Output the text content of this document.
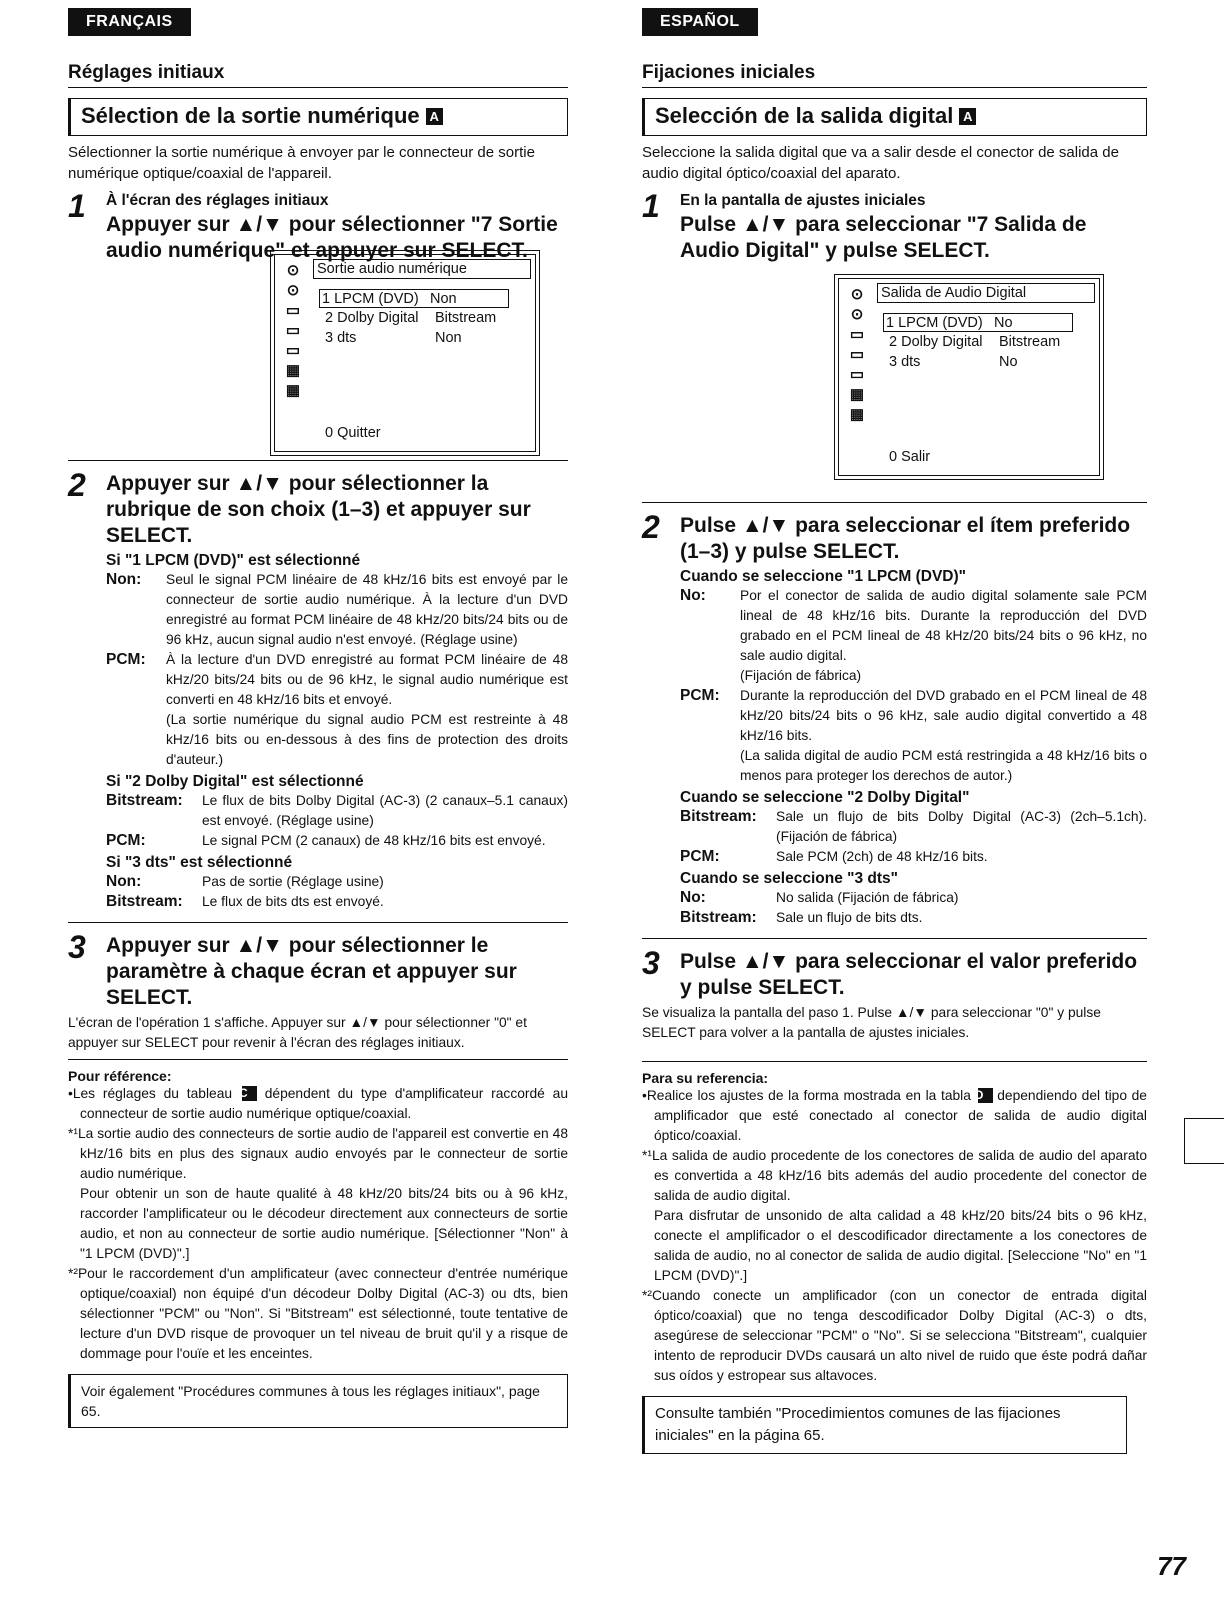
FRANÇAIS
Réglages initiaux
Sélection de la sortie numérique A

Sélectionner la sortie numérique à envoyer par le connecteur de sortie numérique optique/coaxial de l'appareil.

1 À l'écran des réglages initiaux
Appuyer sur ▲/▼ pour sélectionner "7 Sortie audio numérique" et appuyer sur SELECT.
⊙
⊙
▭
▭
▭
▦
▦
Sortie audio numérique
1 LPCM (DVD) Non
2 Dolby Digital Bitstream
3 dts	Non
0 Quitter
2 Appuyer sur ▲/▼ pour sélectionner la rubrique de son choix (1–3) et appuyer sur SELECT.
Si "1 LPCM (DVD)" est sélectionné
Non:	Seul le signal PCM linéaire de 48 kHz/16 bits est envoyé par le connecteur de sortie audio numérique. À la lecture d'un DVD enregistré au format PCM linéaire de 48 kHz/20 bits/24 bits ou de 96 kHz, aucun signal audio n'est envoyé. (Réglage usine)
PCM:	À la lecture d'un DVD enregistré au format PCM linéaire de 48 kHz/20 bits/24 bits ou de 96 kHz, le signal audio numérique est converti en 48 kHz/16 bits et envoyé.
(La sortie numérique du signal audio PCM est restreinte à 48 kHz/16 bits ou en-dessous à des fins de protection des droits d'auteur.)
Si "2 Dolby Digital" est sélectionné
Bitstream:	Le flux de bits Dolby Digital (AC-3) (2 canaux–5.1 canaux) est envoyé. (Réglage usine)
PCM:	Le signal PCM (2 canaux) de 48 kHz/16 bits est envoyé.
Si "3 dts" est sélectionné
Non:	Pas de sortie (Réglage usine)
Bitstream:	Le flux de bits dts est envoyé.
3 Appuyer sur ▲/▼ pour sélectionner le paramètre à chaque écran et appuyer sur SELECT.

L'écran de l'opération 1 s'affiche. Appuyer sur ▲/▼ pour sélectionner "0" et appuyer sur SELECT pour revenir à l'écran des réglages initiaux.

Pour référence:

•Les réglages du tableau C dépendent du type d'amplificateur raccordé au connecteur de sortie audio numérique optique/coaxial.

*¹La sortie audio des connecteurs de sortie audio de l'appareil est convertie en 48 kHz/16 bits en plus des signaux audio envoyés par le connecteur de sortie audio numérique.

Pour obtenir un son de haute qualité à 48 kHz/20 bits/24 bits ou à 96 kHz, raccorder l'amplificateur ou le décodeur directement aux connecteurs de sortie audio, et non au connecteur de sortie audio numérique. [Sélectionner "Non" à "1 LPCM (DVD)".]

*²Pour le raccordement d'un amplificateur (avec connecteur d'entrée numérique optique/coaxial) non équipé d'un décodeur Dolby Digital (AC-3) ou dts, bien sélectionner "PCM" ou "Non". Si "Bitstream" est sélectionné, toute tentative de lecture d'un DVD risque de provoquer un tel niveau de bruit qu'il y a risque de dommage pour l'ouïe et les enceintes.

Voir également "Procédures communes à tous les réglages initiaux", page 65.
ESPAÑOL
Fijaciones iniciales
Selección de la salida digital A

Seleccione la salida digital que va a salir desde el conector de salida de audio digital óptico/coaxial del aparato.

1 En la pantalla de ajustes iniciales
Pulse ▲/▼ para seleccionar "7 Salida de Audio Digital" y pulse SELECT.
⊙
⊙
▭
▭
▭
▦
▦
Salida de Audio Digital
1 LPCM (DVD) No
2 Dolby Digital Bitstream
3 dts	No
0 Salir
2 Pulse ▲/▼ para seleccionar el ítem preferido (1–3) y pulse SELECT.
Cuando se seleccione "1 LPCM (DVD)"
No:	Por el conector de salida de audio digital solamente sale PCM lineal de 48 kHz/16 bits. Durante la reproducción del DVD grabado en el PCM lineal de 48 kHz/20 bits/24 bits o 96 kHz, no sale audio digital.
(Fijación de fábrica)
PCM:	Durante la reproducción del DVD grabado en el PCM lineal de 48 kHz/20 bits/24 bits o 96 kHz, sale audio digital convertido a 48 kHz/16 bits.
(La salida digital de audio PCM está restringida a 48 kHz/16 bits o menos para proteger los derechos de autor.)
Cuando se seleccione "2 Dolby Digital"
Bitstream:	Sale un flujo de bits Dolby Digital (AC-3) (2ch–5.1ch). (Fijación de fábrica)
PCM:	Sale PCM (2ch) de 48 kHz/16 bits.
Cuando se seleccione "3 dts"
No:	No salida (Fijación de fábrica)
Bitstream:	Sale un flujo de bits dts.
3 Pulse ▲/▼ para seleccionar el valor preferido y pulse SELECT.

Se visualiza la pantalla del paso 1. Pulse ▲/▼ para seleccionar "0" y pulse SELECT para volver a la pantalla de ajustes iniciales.

Para su referencia:

•Realice los ajustes de la forma mostrada en la tabla D dependiendo del tipo de amplificador que esté conectado al conector de salida de audio digital óptico/coaxial.

*¹La salida de audio procedente de los conectores de salida de audio del aparato es convertida a 48 kHz/16 bits además del audio procedente del conector de salida de audio digital.

Para disfrutar de unsonido de alta calidad a 48 kHz/20 bits/24 bits o 96 kHz, conecte el amplificador o el descodificador directamente a los conectores de salida de audio, no al conector de salida de audio digital. [Seleccione "No" en "1 LPCM (DVD)".]

*²Cuando conecte un amplificador (con un conector de entrada digital óptico/coaxial) que no tenga descodificador Dolby Digital (AC-3) o dts, asegúrese de seleccionar "PCM" o "No". Si se selecciona "Bitstream", cualquier intento de reproducir DVDs causará un alto nivel de ruido que éste podrá dañar sus oídos y estropear sus altavoces.

Consulte también "Procedimientos comunes de las fijaciones iniciales" en la página 65.
77
